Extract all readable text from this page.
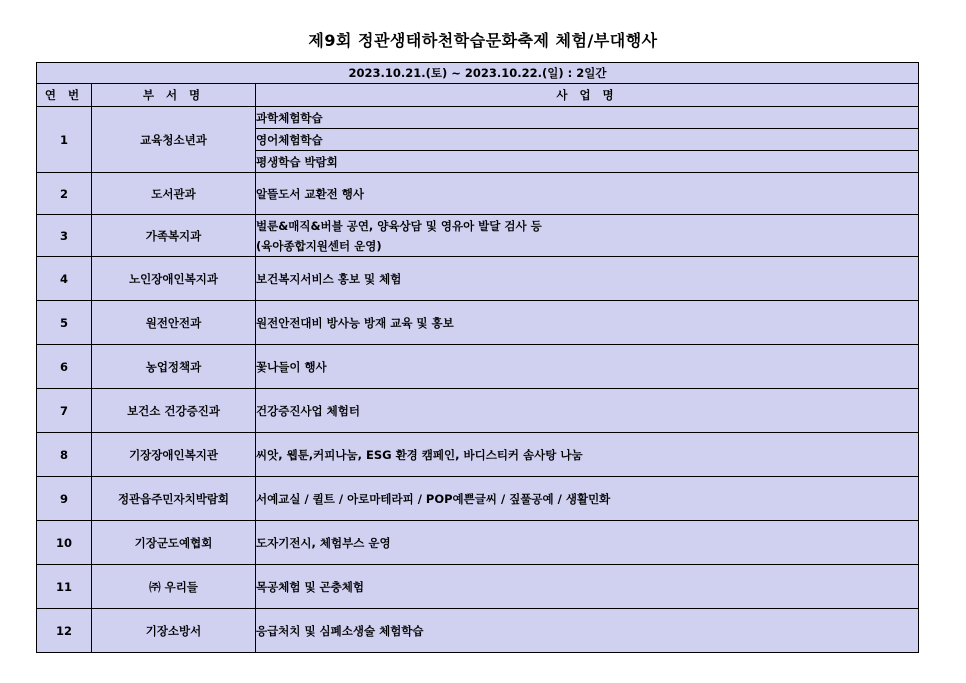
제9회 정관생태하천학습문화축제 체험/부대행사
2023.10.21.(토) ~ 2023.10.22.(일) : 2일간		
연 번	부 서 명	사 업 명
1	교육청소년과	과학체험학습
		영어체험학습
		평생학습 박람회
2	도서관과	알뜰도서 교환전 행사
3	가족복지과	벌룬&매직&버블 공연, 양육상담 및 영유아 발달 검사 등
(육아종합지원센터 운영)

4	노인장애인복지과	보건복지서비스 홍보 및 체험
5	원전안전과	원전안전대비 방사능 방재 교육 및 홍보
6	농업정책과	꽃나들이 행사
7	보건소 건강증진과	건강증진사업 체험터
8	기장장애인복지관	씨앗, 웹툰,커피나눔, ESG 환경 캠페인, 바디스티커 솜사탕 나눔
9	정관읍주민자치박람회	서예교실 / 퀼트 / 아로마테라피 / POP예쁜글씨 / 짚풀공예 / 생활민화
10	기장군도예협회	도자기전시, 체험부스 운영
11	㈜ 우리들	목공체험 및 곤충체험
12	기장소방서	응급처치 및 심폐소생술 체험학습
